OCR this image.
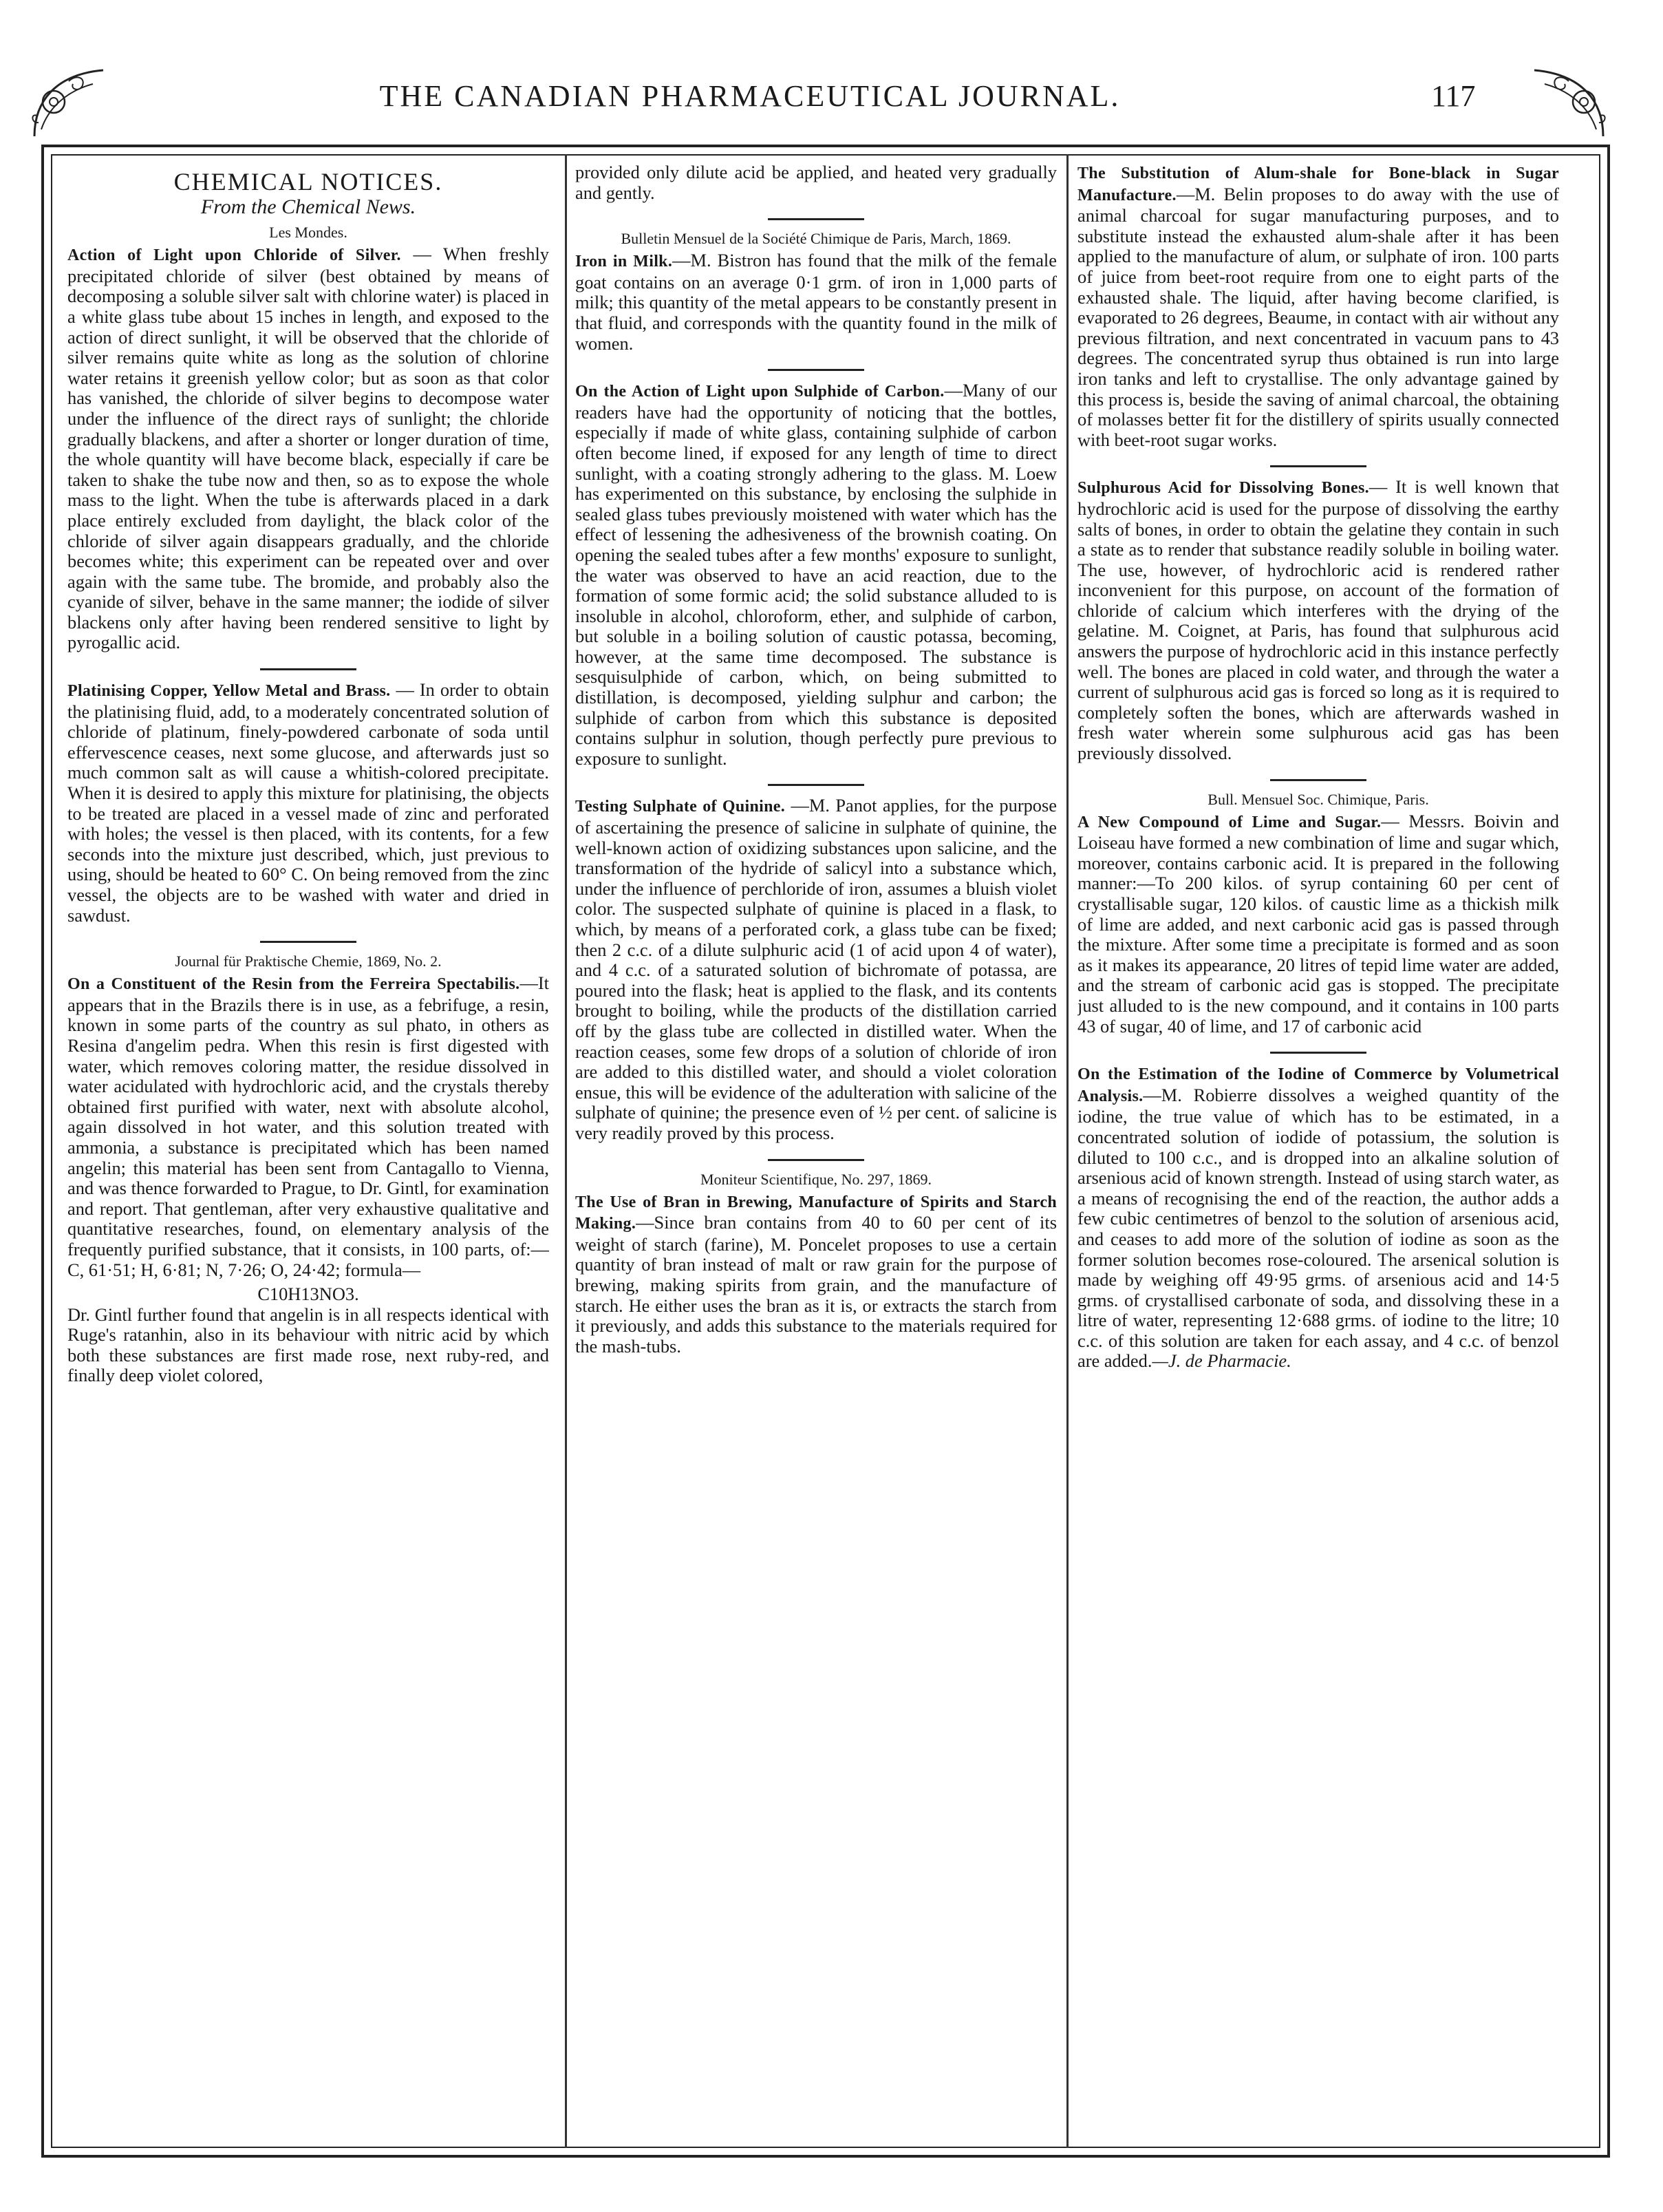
THE CANADIAN PHARMACEUTICAL JOURNAL.	117
CHEMICAL NOTICES.
From the Chemical News.
Les Mondes.

Action of Light upon Chloride of Silver. — When freshly precipitated chloride of silver (best obtained by means of decomposing a soluble silver salt with chlorine water) is placed in a white glass tube about 15 inches in length, and exposed to the action of direct sunlight, it will be observed that the chloride of silver remains quite white as long as the solution of chlorine water retains it greenish yellow color; but as soon as that color has vanished, the chloride of silver begins to decompose water under the influence of the direct rays of sunlight; the chloride gradually blackens, and after a shorter or longer duration of time, the whole quantity will have become black, especially if care be taken to shake the tube now and then, so as to expose the whole mass to the light. When the tube is afterwards placed in a dark place entirely excluded from daylight, the black color of the chloride of silver again disappears gradually, and the chloride becomes white; this experiment can be repeated over and over again with the same tube. The bromide, and probably also the cyanide of silver, behave in the same manner; the iodide of silver blackens only after having been rendered sensitive to light by pyrogallic acid.

Platinising Copper, Yellow Metal and Brass. — In order to obtain the platinising fluid, add, to a moderately concentrated solution of chloride of platinum, finely-powdered carbonate of soda until effervescence ceases, next some glucose, and afterwards just so much common salt as will cause a whitish-colored precipitate. When it is desired to apply this mixture for platinising, the objects to be treated are placed in a vessel made of zinc and perforated with holes; the vessel is then placed, with its contents, for a few seconds into the mixture just described, which, just previous to using, should be heated to 60° C. On being removed from the zinc vessel, the objects are to be washed with water and dried in sawdust.

Journal für Praktische Chemie, 1869, No. 2.

On a Constituent of the Resin from the Ferreira Spectabilis.—It appears that in the Brazils there is in use, as a febrifuge, a resin, known in some parts of the country as sul phato, in others as Resina d'angelim pedra. When this resin is first digested with water, which removes coloring matter, the residue dissolved in water acidulated with hydrochloric acid, and the crystals thereby obtained first purified with water, next with absolute alcohol, again dissolved in hot water, and this solution treated with ammonia, a substance is precipitated which has been named angelin; this material has been sent from Cantagallo to Vienna, and was thence forwarded to Prague, to Dr. Gintl, for examination and report. That gentleman, after very exhaustive qualitative and quantitative researches, found, on elementary analysis of the frequently purified substance, that it consists, in 100 parts, of:—C, 61·51; H, 6·81; N, 7·26; O, 24·42; formula—

C10H13NO3.

Dr. Gintl further found that angelin is in all respects identical with Ruge's ratanhin, also in its behaviour with nitric acid by which both these substances are first made rose, next ruby-red, and finally deep violet colored,

provided only dilute acid be applied, and heated very gradually and gently.

Bulletin Mensuel de la Société Chimique de Paris, March, 1869.

Iron in Milk.—M. Bistron has found that the milk of the female goat contains on an average 0·1 grm. of iron in 1,000 parts of milk; this quantity of the metal appears to be constantly present in that fluid, and corresponds with the quantity found in the milk of women.

On the Action of Light upon Sulphide of Carbon.—Many of our readers have had the opportunity of noticing that the bottles, especially if made of white glass, containing sulphide of carbon often become lined, if exposed for any length of time to direct sunlight, with a coating strongly adhering to the glass. M. Loew has experimented on this substance, by enclosing the sulphide in sealed glass tubes previously moistened with water which has the effect of lessening the adhesiveness of the brownish coating. On opening the sealed tubes after a few months' exposure to sunlight, the water was observed to have an acid reaction, due to the formation of some formic acid; the solid substance alluded to is insoluble in alcohol, chloroform, ether, and sulphide of carbon, but soluble in a boiling solution of caustic potassa, becoming, however, at the same time decomposed. The substance is sesquisulphide of carbon, which, on being submitted to distillation, is decomposed, yielding sulphur and carbon; the sulphide of carbon from which this substance is deposited contains sulphur in solution, though perfectly pure previous to exposure to sunlight.

Testing Sulphate of Quinine. —M. Panot applies, for the purpose of ascertaining the presence of salicine in sulphate of quinine, the well-known action of oxidizing substances upon salicine, and the transformation of the hydride of salicyl into a substance which, under the influence of perchloride of iron, assumes a bluish violet color. The suspected sulphate of quinine is placed in a flask, to which, by means of a perforated cork, a glass tube can be fixed; then 2 c.c. of a dilute sulphuric acid (1 of acid upon 4 of water), and 4 c.c. of a saturated solution of bichromate of potassa, are poured into the flask; heat is applied to the flask, and its contents brought to boiling, while the products of the distillation carried off by the glass tube are collected in distilled water. When the reaction ceases, some few drops of a solution of chloride of iron are added to this distilled water, and should a violet coloration ensue, this will be evidence of the adulteration with salicine of the sulphate of quinine; the presence even of ½ per cent. of salicine is very readily proved by this process.

Moniteur Scientifique, No. 297, 1869.

The Use of Bran in Brewing, Manufacture of Spirits and Starch Making.—Since bran contains from 40 to 60 per cent of its weight of starch (farine), M. Poncelet proposes to use a certain quantity of bran instead of malt or raw grain for the purpose of brewing, making spirits from grain, and the manufacture of starch. He either uses the bran as it is, or extracts the starch from it previously, and adds this substance to the materials required for the mash-tubs.

The Substitution of Alum-shale for Bone-black in Sugar Manufacture.—M. Belin proposes to do away with the use of animal charcoal for sugar manufacturing purposes, and to substitute instead the exhausted alum-shale after it has been applied to the manufacture of alum, or sulphate of iron. 100 parts of juice from beet-root require from one to eight parts of the exhausted shale. The liquid, after having become clarified, is evaporated to 26 degrees, Beaume, in contact with air without any previous filtration, and next concentrated in vacuum pans to 43 degrees. The concentrated syrup thus obtained is run into large iron tanks and left to crystallise. The only advantage gained by this process is, beside the saving of animal charcoal, the obtaining of molasses better fit for the distillery of spirits usually connected with beet-root sugar works.

Sulphurous Acid for Dissolving Bones.— It is well known that hydrochloric acid is used for the purpose of dissolving the earthy salts of bones, in order to obtain the gelatine they contain in such a state as to render that substance readily soluble in boiling water. The use, however, of hydrochloric acid is rendered rather inconvenient for this purpose, on account of the formation of chloride of calcium which interferes with the drying of the gelatine. M. Coignet, at Paris, has found that sulphurous acid answers the purpose of hydrochloric acid in this instance perfectly well. The bones are placed in cold water, and through the water a current of sulphurous acid gas is forced so long as it is required to completely soften the bones, which are afterwards washed in fresh water wherein some sulphurous acid gas has been previously dissolved.

Bull. Mensuel Soc. Chimique, Paris.

A New Compound of Lime and Sugar.— Messrs. Boivin and Loiseau have formed a new combination of lime and sugar which, moreover, contains carbonic acid. It is prepared in the following manner:—To 200 kilos. of syrup containing 60 per cent of crystallisable sugar, 120 kilos. of caustic lime as a thickish milk of lime are added, and next carbonic acid gas is passed through the mixture. After some time a precipitate is formed and as soon as it makes its appearance, 20 litres of tepid lime water are added, and the stream of carbonic acid gas is stopped. The precipitate just alluded to is the new compound, and it contains in 100 parts 43 of sugar, 40 of lime, and 17 of carbonic acid

On the Estimation of the Iodine of Commerce by Volumetrical Analysis.—M. Robierre dissolves a weighed quantity of the iodine, the true value of which has to be estimated, in a concentrated solution of iodide of potassium, the solution is diluted to 100 c.c., and is dropped into an alkaline solution of arsenious acid of known strength. Instead of using starch water, as a means of recognising the end of the reaction, the author adds a few cubic centimetres of benzol to the solution of arsenious acid, and ceases to add more of the solution of iodine as soon as the former solution becomes rose-coloured. The arsenical solution is made by weighing off 49·95 grms. of arsenious acid and 14·5 grms. of crystallised carbonate of soda, and dissolving these in a litre of water, representing 12·688 grms. of iodine to the litre; 10 c.c. of this solution are taken for each assay, and 4 c.c. of benzol are added.—J. de Pharmacie.
